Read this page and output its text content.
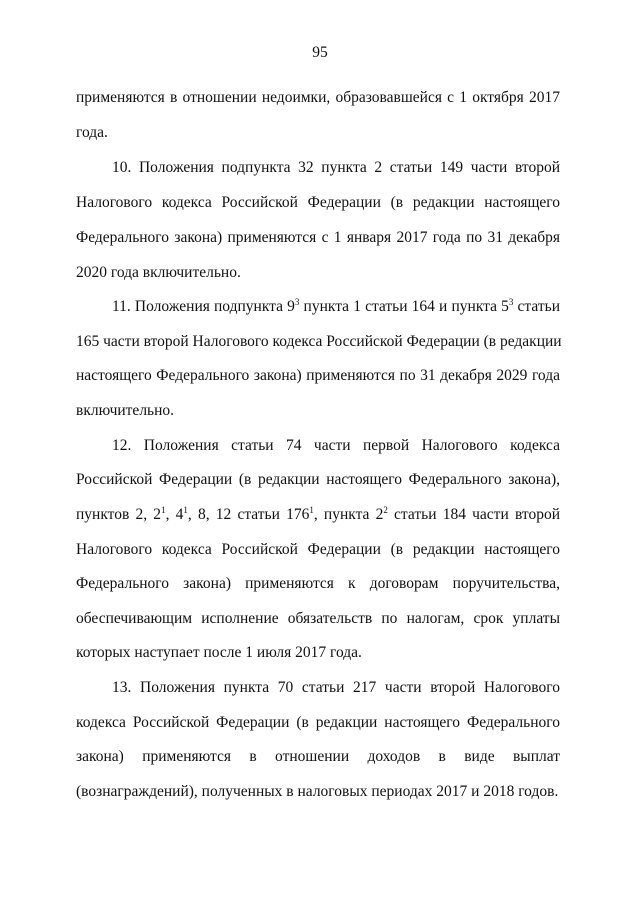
95
применяются в отношении недоимки, образовавшейся с 1 октября 2017
года.
10. Положения подпункта 32 пункта 2 статьи 149 части второй
Налогового кодекса Российской Федерации (в редакции настоящего
Федерального закона) применяются с 1 января 2017 года по 31 декабря
2020 года включительно.
11. Положения подпункта $9^3$ пункта 1 статьи 164 и пункта $5^3$ статьи
165 части второй Налогового кодекса Российской Федерации (в редакции
настоящего Федерального закона) применяются по 31 декабря 2029 года
включительно.
12. Положения статьи 74 части первой Налогового кодекса
Российской Федерации (в редакции настоящего Федерального закона),
пунктов 2, $2^1$, $4^1$, 8, 12 статьи $176^1$, пункта $2^2$ статьи 184 части второй
Налогового кодекса Российской Федерации (в редакции настоящего
Федерального закона) применяются к договорам поручительства,
обеспечивающим исполнение обязательств по налогам, срок уплаты
которых наступает после 1 июля 2017 года.
13. Положения пункта 70 статьи 217 части второй Налогового
кодекса Российской Федерации (в редакции настоящего Федерального
закона) применяются в отношении доходов в виде выплат
(вознаграждений), полученных в налоговых периодах 2017 и 2018 годов.
